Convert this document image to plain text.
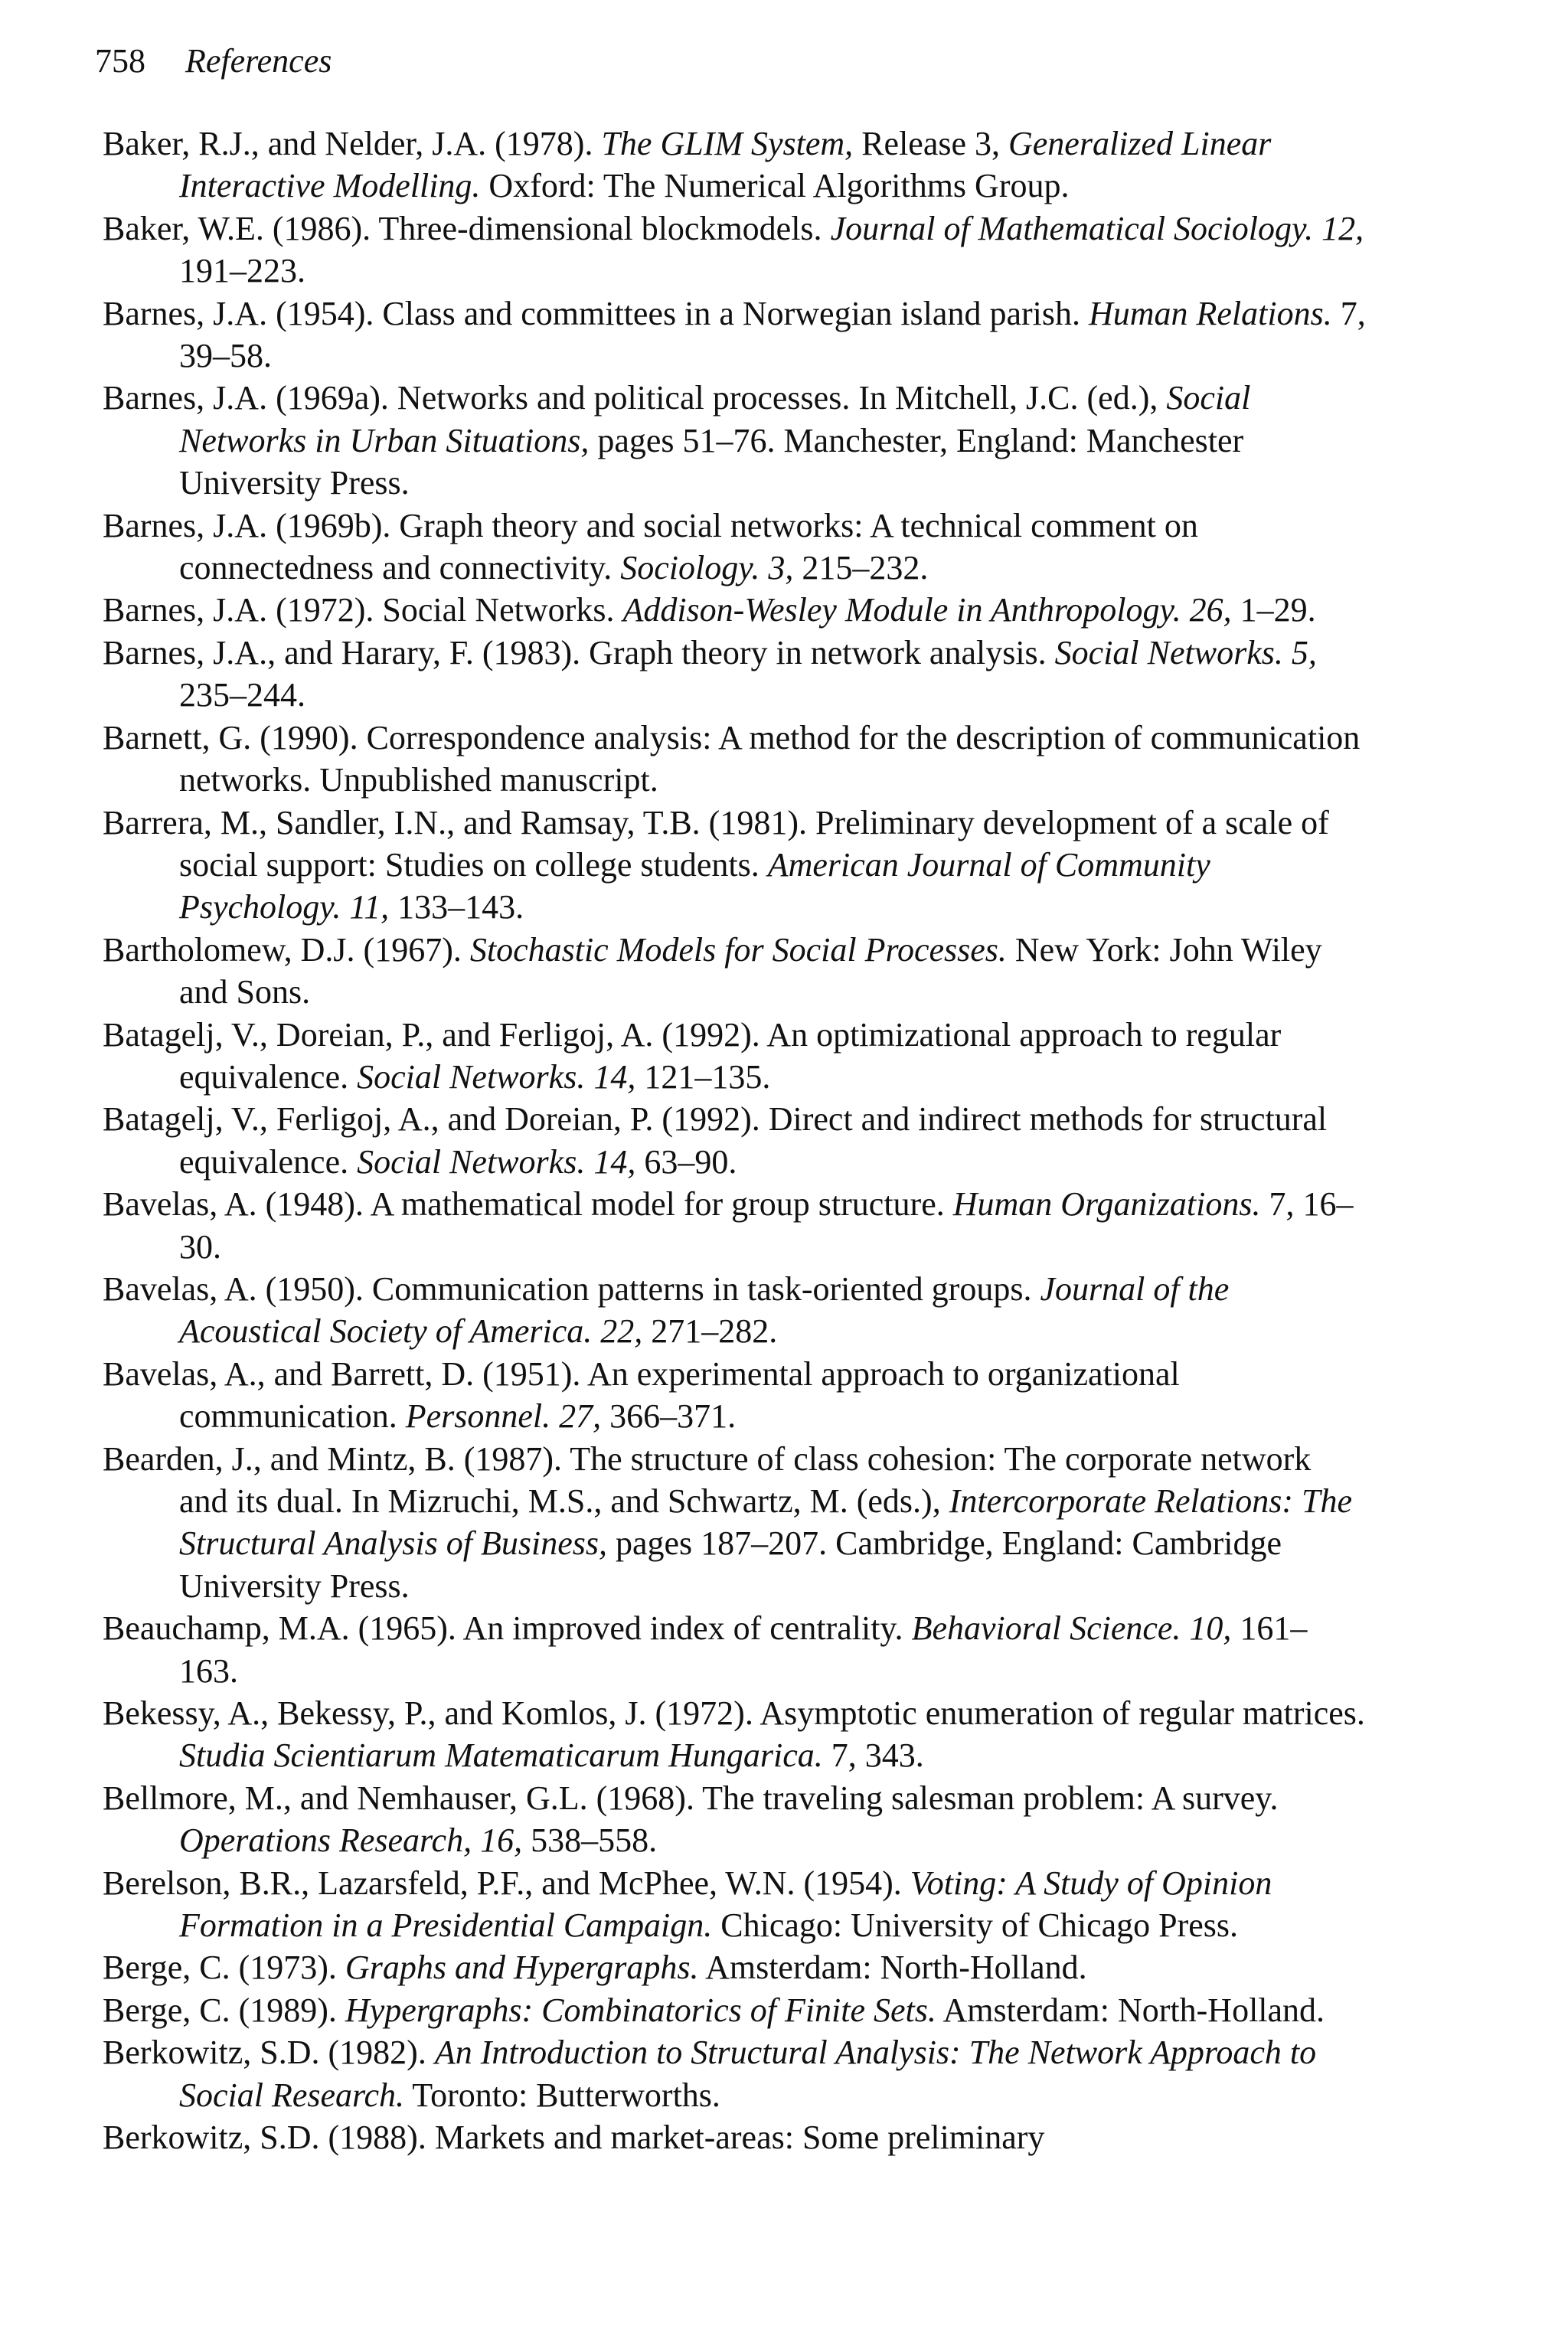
758 References
Baker, R.J., and Nelder, J.A. (1978). The GLIM System, Release 3, Generalized Linear Interactive Modelling. Oxford: The Numerical Algorithms Group.
Baker, W.E. (1986). Three-dimensional blockmodels. Journal of Mathematical Sociology. 12, 191–223.
Barnes, J.A. (1954). Class and committees in a Norwegian island parish. Human Relations. 7, 39–58.
Barnes, J.A. (1969a). Networks and political processes. In Mitchell, J.C. (ed.), Social Networks in Urban Situations, pages 51–76. Manchester, England: Manchester University Press.
Barnes, J.A. (1969b). Graph theory and social networks: A technical comment on connectedness and connectivity. Sociology. 3, 215–232.
Barnes, J.A. (1972). Social Networks. Addison-Wesley Module in Anthropology. 26, 1–29.
Barnes, J.A., and Harary, F. (1983). Graph theory in network analysis. Social Networks. 5, 235–244.
Barnett, G. (1990). Correspondence analysis: A method for the description of communication networks. Unpublished manuscript.
Barrera, M., Sandler, I.N., and Ramsay, T.B. (1981). Preliminary development of a scale of social support: Studies on college students. American Journal of Community Psychology. 11, 133–143.
Bartholomew, D.J. (1967). Stochastic Models for Social Processes. New York: John Wiley and Sons.
Batagelj, V., Doreian, P., and Ferligoj, A. (1992). An optimizational approach to regular equivalence. Social Networks. 14, 121–135.
Batagelj, V., Ferligoj, A., and Doreian, P. (1992). Direct and indirect methods for structural equivalence. Social Networks. 14, 63–90.
Bavelas, A. (1948). A mathematical model for group structure. Human Organizations. 7, 16–30.
Bavelas, A. (1950). Communication patterns in task-oriented groups. Journal of the Acoustical Society of America. 22, 271–282.
Bavelas, A., and Barrett, D. (1951). An experimental approach to organizational communication. Personnel. 27, 366–371.
Bearden, J., and Mintz, B. (1987). The structure of class cohesion: The corporate network and its dual. In Mizruchi, M.S., and Schwartz, M. (eds.), Intercorporate Relations: The Structural Analysis of Business, pages 187–207. Cambridge, England: Cambridge University Press.
Beauchamp, M.A. (1965). An improved index of centrality. Behavioral Science. 10, 161–163.
Bekessy, A., Bekessy, P., and Komlos, J. (1972). Asymptotic enumeration of regular matrices. Studia Scientiarum Matematicarum Hungarica. 7, 343.
Bellmore, M., and Nemhauser, G.L. (1968). The traveling salesman problem: A survey. Operations Research, 16, 538–558.
Berelson, B.R., Lazarsfeld, P.F., and McPhee, W.N. (1954). Voting: A Study of Opinion Formation in a Presidential Campaign. Chicago: University of Chicago Press.
Berge, C. (1973). Graphs and Hypergraphs. Amsterdam: North-Holland.
Berge, C. (1989). Hypergraphs: Combinatorics of Finite Sets. Amsterdam: North-Holland.
Berkowitz, S.D. (1982). An Introduction to Structural Analysis: The Network Approach to Social Research. Toronto: Butterworths.
Berkowitz, S.D. (1988). Markets and market-areas: Some preliminary
